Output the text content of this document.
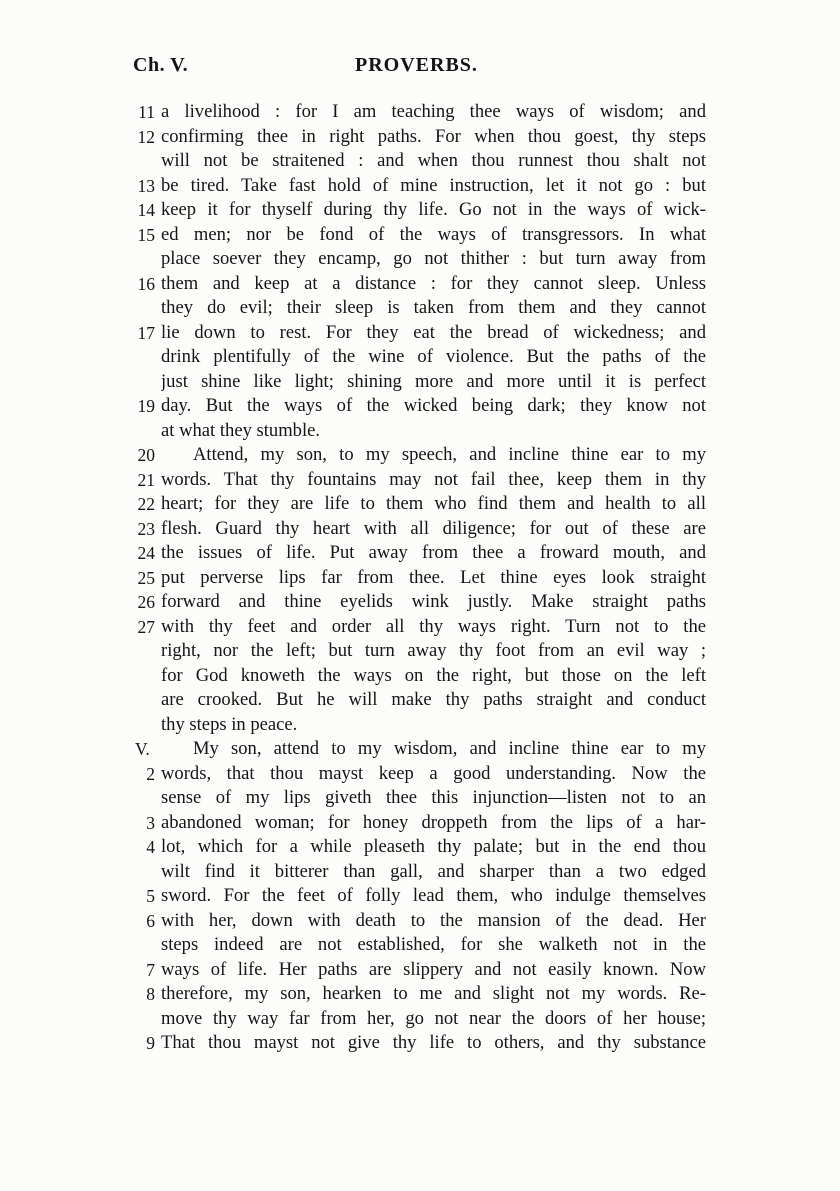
Ch. V.	PROVERBS.
11 a livelihood : for I am teaching thee ways of wisdom; and
12 confirming thee in right paths. For when thou goest, thy steps
will not be straitened : and when thou runnest thou shalt not
13 be tired. Take fast hold of mine instruction, let it not go : but
14 keep it for thyself during thy life. Go not in the ways of wick-
15 ed men; nor be fond of the ways of transgressors. In what
place soever they encamp, go not thither : but turn away from
16 them and keep at a distance : for they cannot sleep. Unless
they do evil; their sleep is taken from them and they cannot
17 lie down to rest. For they eat the bread of wickedness; and
drink plentifully of the wine of violence. But the paths of the
just shine like light; shining more and more until it is perfect
19 day. But the ways of the wicked being dark; they know not
at what they stumble.
20	Attend, my son, to my speech, and incline thine ear to my
21 words. That thy fountains may not fail thee, keep them in thy
22 heart; for they are life to them who find them and health to all
23 flesh. Guard thy heart with all diligence; for out of these are
24 the issues of life. Put away from thee a froward mouth, and
25 put perverse lips far from thee. Let thine eyes look straight
26 forward and thine eyelids wink justly. Make straight paths
27 with thy feet and order all thy ways right. Turn not to the
right, nor the left; but turn away thy foot from an evil way ;
for God knoweth the ways on the right, but those on the left
are crooked. But he will make thy paths straight and conduct
thy steps in peace.
V.	My son, attend to my wisdom, and incline thine ear to my
2 words, that thou mayst keep a good understanding. Now the
sense of my lips giveth thee this injunction—listen not to an
3 abandoned woman; for honey droppeth from the lips of a har-
4 lot, which for a while pleaseth thy palate; but in the end thou
wilt find it bitterer than gall, and sharper than a two edged
5 sword. For the feet of folly lead them, who indulge themselves
6 with her, down with death to the mansion of the dead. Her
steps indeed are not established, for she walketh not in the
7 ways of life. Her paths are slippery and not easily known. Now
8 therefore, my son, hearken to me and slight not my words. Re-
move thy way far from her, go not near the doors of her house;
9 That thou mayst not give thy life to others, and thy substance
